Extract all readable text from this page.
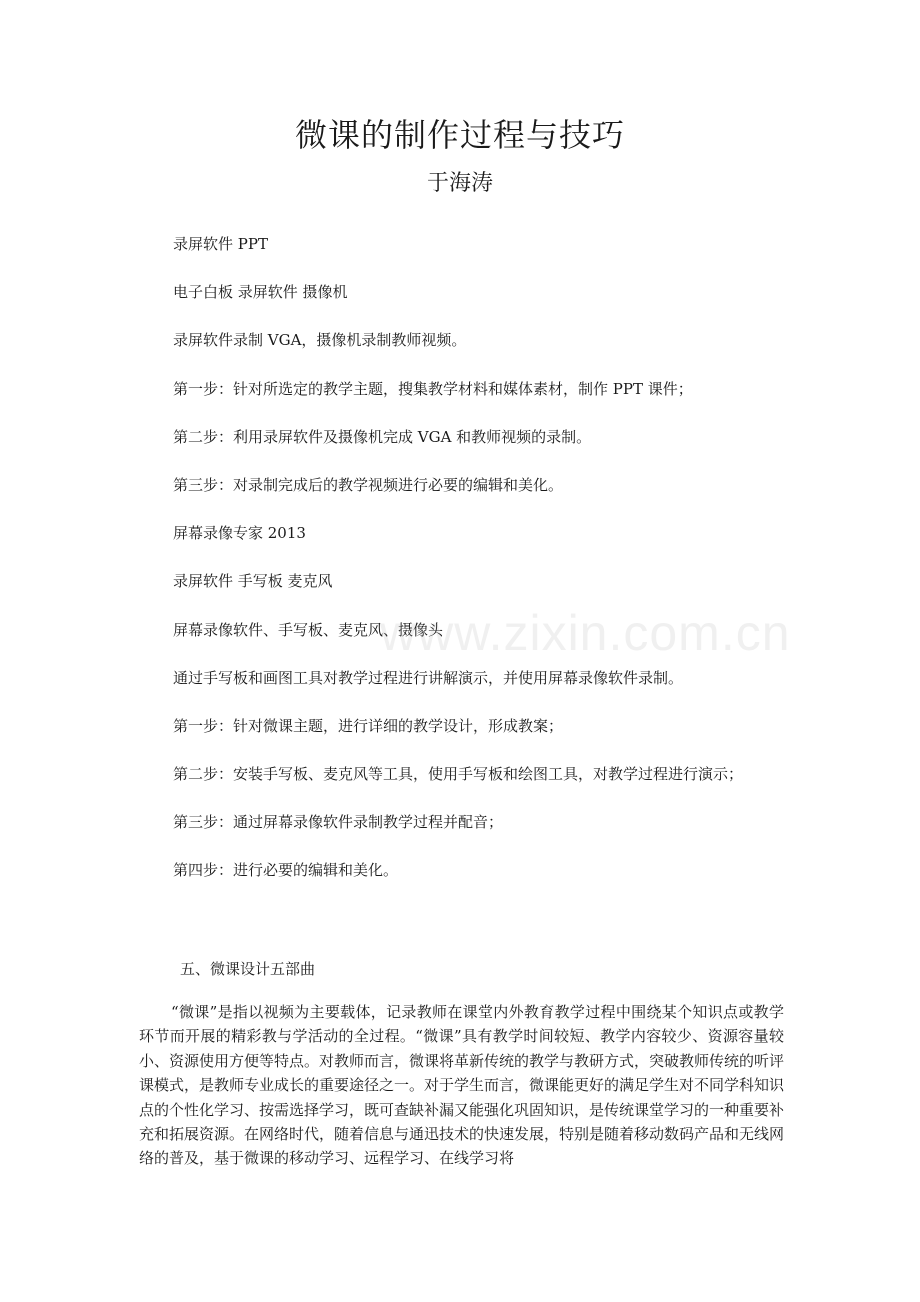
微课的制作过程与技巧
于海涛
录屏软件 PPT
电子白板 录屏软件 摄像机
录屏软件录制 VGA，摄像机录制教师视频。
第一步：针对所选定的教学主题，搜集教学材料和媒体素材，制作 PPT 课件；
第二步：利用录屏软件及摄像机完成 VGA 和教师视频的录制。
第三步：对录制完成后的教学视频进行必要的编辑和美化。
屏幕录像专家 2013
录屏软件 手写板 麦克风
屏幕录像软件、手写板、麦克风、摄像头
通过手写板和画图工具对教学过程进行讲解演示，并使用屏幕录像软件录制。
第一步：针对微课主题，进行详细的教学设计，形成教案；
第二步：安装手写板、麦克风等工具，使用手写板和绘图工具，对教学过程进行演示；
第三步：通过屏幕录像软件录制教学过程并配音；
第四步：进行必要的编辑和美化。
五、微课设计五部曲
“微课”是指以视频为主要载体，记录教师在课堂内外教育教学过程中围绕某个知识点或教学环节而开展的精彩教与学活动的全过程。“微课”具有教学时间较短、教学内容较少、资源容量较小、资源使用方便等特点。对教师而言，微课将革新传统的教学与教研方式，突破教师传统的听评课模式，是教师专业成长的重要途径之一。对于学生而言，微课能更好的满足学生对不同学科知识点的个性化学习、按需选择学习，既可查缺补漏又能强化巩固知识，是传统课堂学习的一种重要补充和拓展资源。在网络时代，随着信息与通迅技术的快速发展，特别是随着移动数码产品和无线网络的普及，基于微课的移动学习、远程学习、在线学习将
www.zixin.com.cn
